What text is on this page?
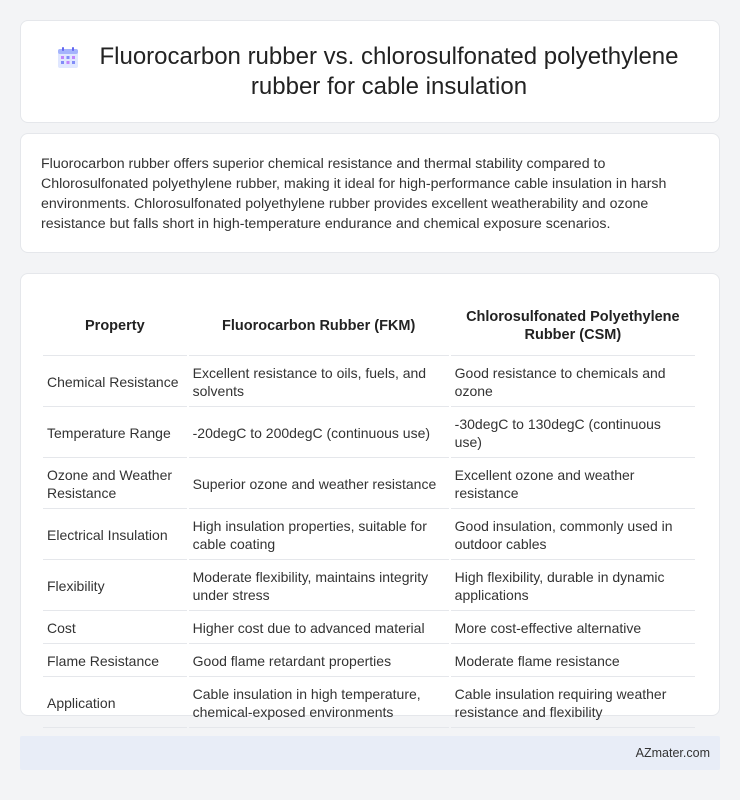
Fluorocarbon rubber vs. chlorosulfonated polyethylene rubber for cable insulation

Fluorocarbon rubber offers superior chemical resistance and thermal stability compared to Chlorosulfonated polyethylene rubber, making it ideal for high-performance cable insulation in harsh environments. Chlorosulfonated polyethylene rubber provides excellent weatherability and ozone resistance but falls short in high-temperature endurance and chemical exposure scenarios.

Property	Fluorocarbon Rubber (FKM)	Chlorosulfonated Polyethylene Rubber (CSM)
Chemical Resistance	Excellent resistance to oils, fuels, and solvents	Good resistance to chemicals and ozone
Temperature Range	-20degC to 200degC (continuous use)	-30degC to 130degC (continuous use)
Ozone and Weather Resistance	Superior ozone and weather resistance	Excellent ozone and weather resistance
Electrical Insulation	High insulation properties, suitable for cable coating	Good insulation, commonly used in outdoor cables
Flexibility	Moderate flexibility, maintains integrity under stress	High flexibility, durable in dynamic applications
Cost	Higher cost due to advanced material	More cost-effective alternative
Flame Resistance	Good flame retardant properties	Moderate flame resistance
Application	Cable insulation in high temperature, chemical-exposed environments	Cable insulation requiring weather resistance and flexibility
AZmater.com
